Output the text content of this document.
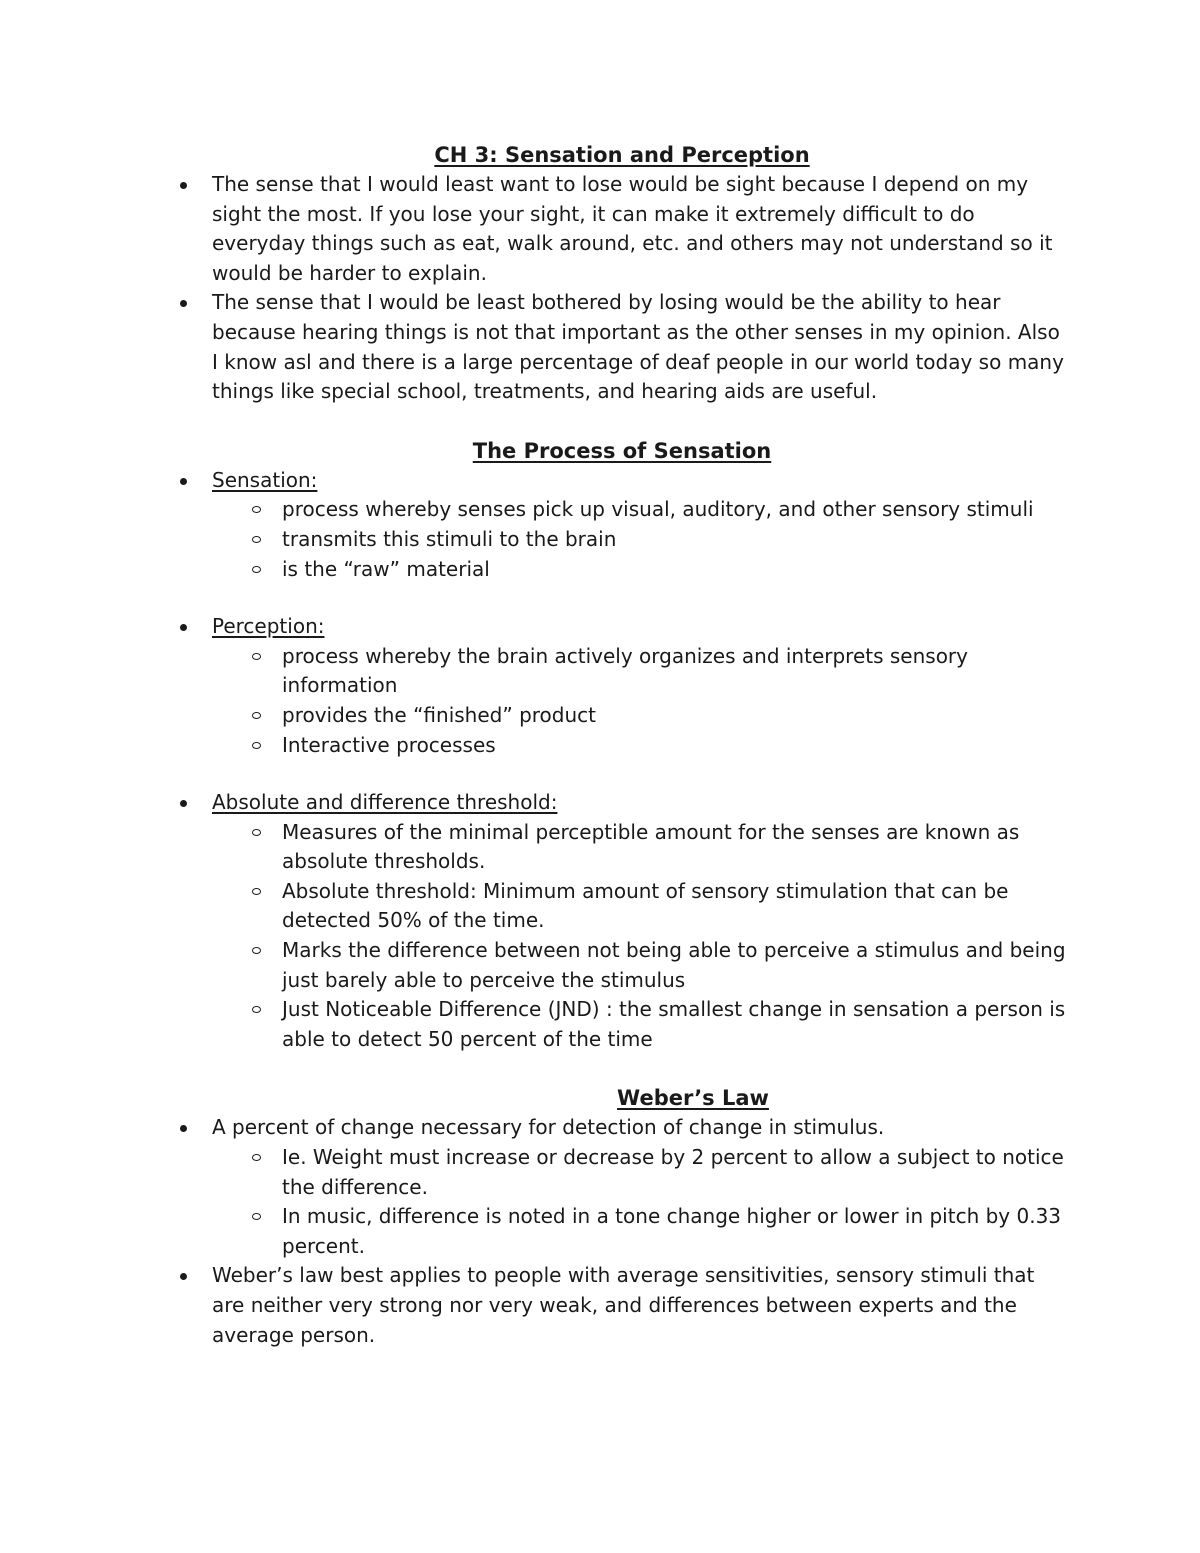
CH 3: Sensation and Perception
The sense that I would least want to lose would be sight because I depend on my sight the most. If you lose your sight, it can make it extremely difficult to do everyday things such as eat, walk around, etc. and others may not understand so it would be harder to explain.
The sense that I would be least bothered by losing would be the ability to hear because hearing things is not that important as the other senses in my opinion. Also I know asl and there is a large percentage of deaf people in our world today so many things like special school, treatments, and hearing aids are useful.
The Process of Sensation
Sensation:
process whereby senses pick up visual, auditory, and other sensory stimuli
transmits this stimuli to the brain
is the “raw” material
Perception:
process whereby the brain actively organizes and interprets sensory information
provides the “finished” product
Interactive processes
Absolute and difference threshold:
Measures of the minimal perceptible amount for the senses are known as absolute thresholds.
Absolute threshold: Minimum amount of sensory stimulation that can be detected 50% of the time.
Marks the difference between not being able to perceive a stimulus and being just barely able to perceive the stimulus
Just Noticeable Difference (JND) : the smallest change in sensation a person is able to detect 50 percent of the time
Weber’s Law
A percent of change necessary for detection of change in stimulus.
Ie. Weight must increase or decrease by 2 percent to allow a subject to notice the difference.
In music, difference is noted in a tone change higher or lower in pitch by 0.33 percent.
Weber’s law best applies to people with average sensitivities, sensory stimuli that are neither very strong nor very weak, and differences between experts and the average person.
